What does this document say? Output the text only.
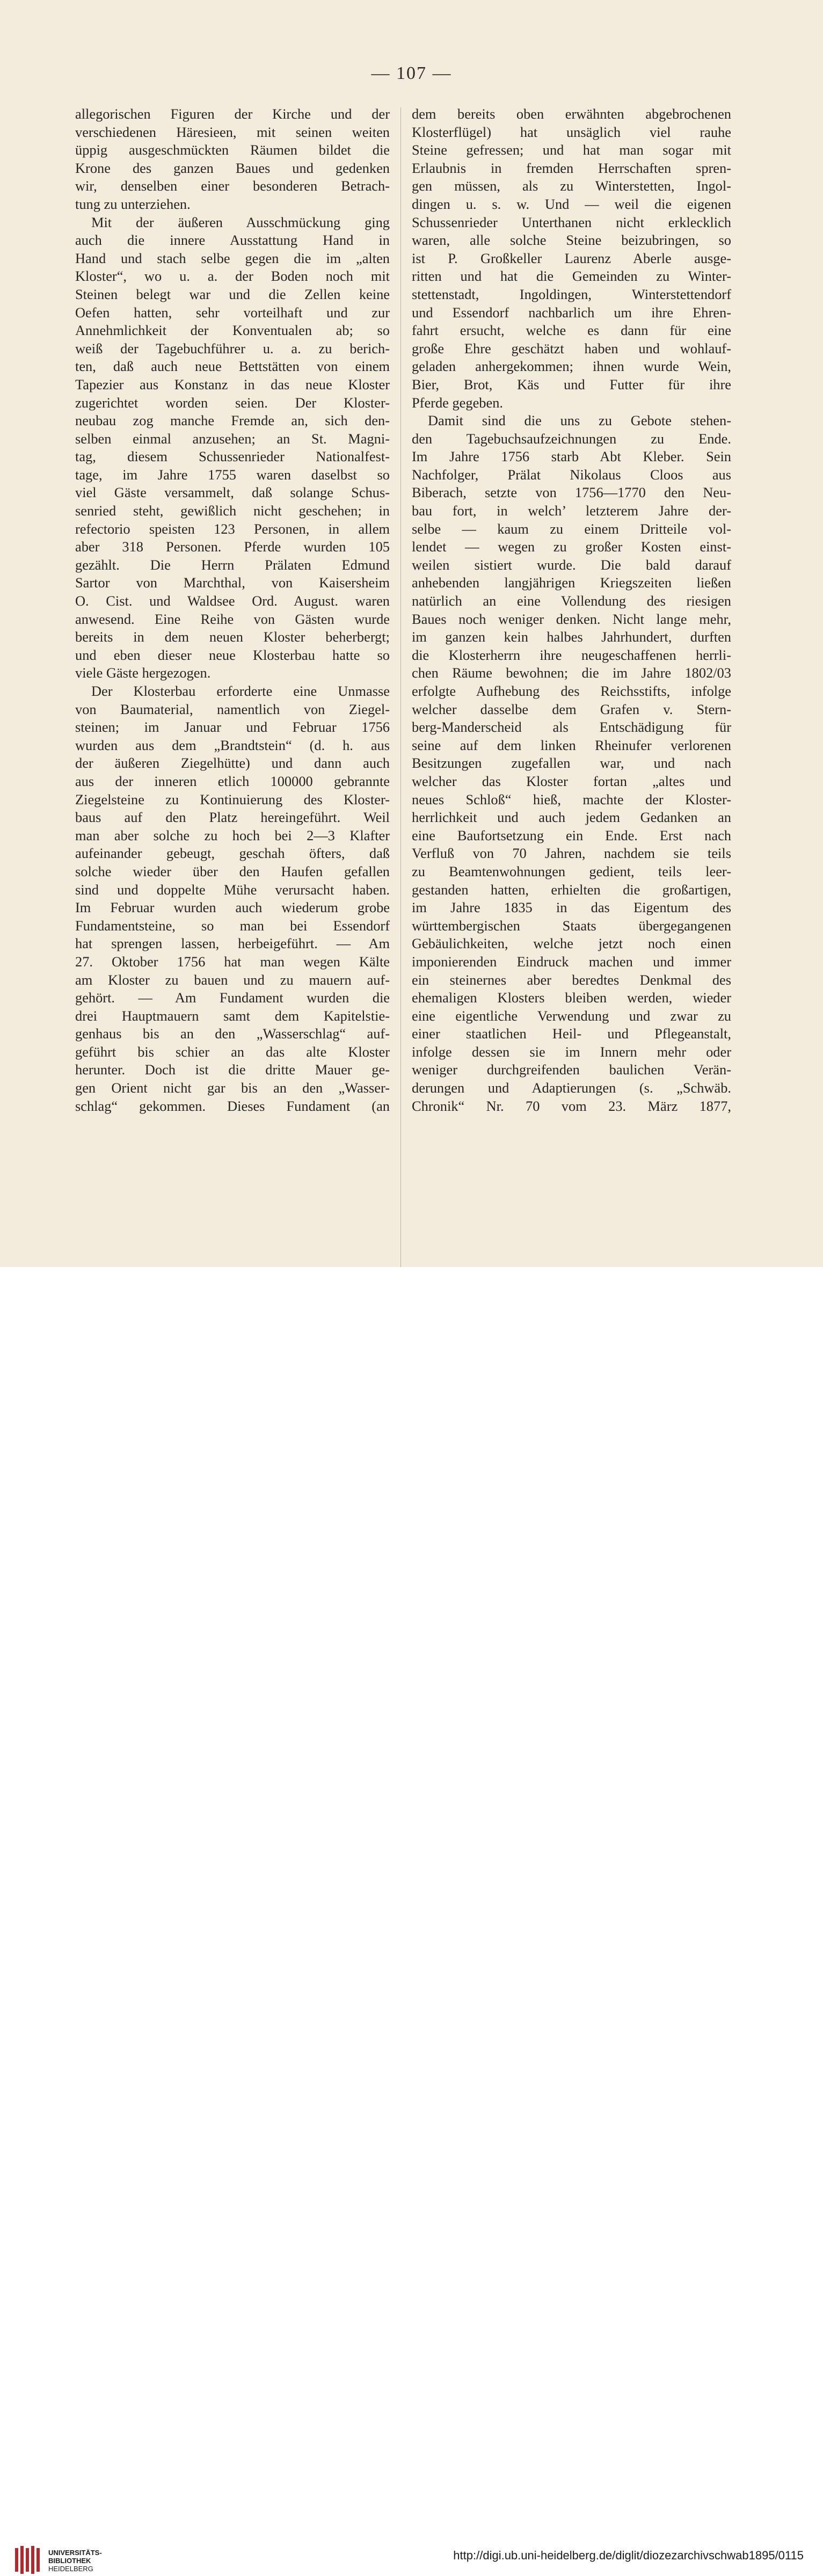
— 107 —
allegorischen Figuren der Kirche und der
verschiedenen Häresieen, mit seinen weiten
üppig ausgeschmückten Räumen bildet die
Krone des ganzen Baues und gedenken
wir, denselben einer besonderen Betrach-
tung zu unterziehen.
Mit der äußeren Ausschmückung ging
auch die innere Ausstattung Hand in
Hand und stach selbe gegen die im „alten
Kloster“, wo u. a. der Boden noch mit
Steinen belegt war und die Zellen keine
Oefen hatten, sehr vorteilhaft und zur
Annehmlichkeit der Konventualen ab; so
weiß der Tagebuchführer u. a. zu berich-
ten, daß auch neue Bettstätten von einem
Tapezier aus Konstanz in das neue Kloster
zugerichtet worden seien. Der Kloster-
neubau zog manche Fremde an, sich den-
selben einmal anzusehen; an St. Magni-
tag, diesem Schussenrieder Nationalfest-
tage, im Jahre 1755 waren daselbst so
viel Gäste versammelt, daß solange Schus-
senried steht, gewißlich nicht geschehen; in
refectorio speisten 123 Personen, in allem
aber 318 Personen. Pferde wurden 105
gezählt. Die Herrn Prälaten Edmund
Sartor von Marchthal, von Kaisersheim
O. Cist. und Waldsee Ord. August. waren
anwesend. Eine Reihe von Gästen wurde
bereits in dem neuen Kloster beherbergt;
und eben dieser neue Klosterbau hatte so
viele Gäste hergezogen.
Der Klosterbau erforderte eine Unmasse
von Baumaterial, namentlich von Ziegel-
steinen; im Januar und Februar 1756
wurden aus dem „Brandtstein“ (d. h. aus
der äußeren Ziegelhütte) und dann auch
aus der inneren etlich 100000 gebrannte
Ziegelsteine zu Kontinuierung des Kloster-
baus auf den Platz hereingeführt. Weil
man aber solche zu hoch bei 2—3 Klafter
aufeinander gebeugt, geschah öfters, daß
solche wieder über den Haufen gefallen
sind und doppelte Mühe verursacht haben.
Im Februar wurden auch wiederum grobe
Fundamentsteine, so man bei Essendorf
hat sprengen lassen, herbeigeführt. — Am
27. Oktober 1756 hat man wegen Kälte
am Kloster zu bauen und zu mauern auf-
gehört. — Am Fundament wurden die
drei Hauptmauern samt dem Kapitelstie-
genhaus bis an den „Wasserschlag“ auf-
geführt bis schier an das alte Kloster
herunter. Doch ist die dritte Mauer ge-
gen Orient nicht gar bis an den „Wasser-
schlag“ gekommen. Dieses Fundament (an
dem bereits oben erwähnten abgebrochenen
Klosterflügel) hat unsäglich viel rauhe
Steine gefressen; und hat man sogar mit
Erlaubnis in fremden Herrschaften spren-
gen müssen, als zu Winterstetten, Ingol-
dingen u. s. w. Und — weil die eigenen
Schussenrieder Unterthanen nicht erklecklich
waren, alle solche Steine beizubringen, so
ist P. Großkeller Laurenz Aberle ausge-
ritten und hat die Gemeinden zu Winter-
stettenstadt, Ingoldingen, Winterstettendorf
und Essendorf nachbarlich um ihre Ehren-
fahrt ersucht, welche es dann für eine
große Ehre geschätzt haben und wohlauf-
geladen anhergekommen; ihnen wurde Wein,
Bier, Brot, Käs und Futter für ihre
Pferde gegeben.
Damit sind die uns zu Gebote stehen-
den Tagebuchsaufzeichnungen zu Ende.
Im Jahre 1756 starb Abt Kleber. Sein
Nachfolger, Prälat Nikolaus Cloos aus
Biberach, setzte von 1756—1770 den Neu-
bau fort, in welch’ letzterem Jahre der-
selbe — kaum zu einem Dritteile vol-
lendet — wegen zu großer Kosten einst-
weilen sistiert wurde. Die bald darauf
anhebenden langjährigen Kriegszeiten ließen
natürlich an eine Vollendung des riesigen
Baues noch weniger denken. Nicht lange mehr,
im ganzen kein halbes Jahrhundert, durften
die Klosterherrn ihre neugeschaffenen herrli-
chen Räume bewohnen; die im Jahre 1802/03
erfolgte Aufhebung des Reichsstifts, infolge
welcher dasselbe dem Grafen v. Stern-
berg-Manderscheid als Entschädigung für
seine auf dem linken Rheinufer verlorenen
Besitzungen zugefallen war, und nach
welcher das Kloster fortan „altes und
neues Schloß“ hieß, machte der Kloster-
herrlichkeit und auch jedem Gedanken an
eine Baufortsetzung ein Ende. Erst nach
Verfluß von 70 Jahren, nachdem sie teils
zu Beamtenwohnungen gedient, teils leer-
gestanden hatten, erhielten die großartigen,
im Jahre 1835 in das Eigentum des
württembergischen Staats übergegangenen
Gebäulichkeiten, welche jetzt noch einen
imponierenden Eindruck machen und immer
ein steinernes aber beredtes Denkmal des
ehemaligen Klosters bleiben werden, wieder
eine eigentliche Verwendung und zwar zu
einer staatlichen Heil- und Pflegeanstalt,
infolge dessen sie im Innern mehr oder
weniger durchgreifenden baulichen Verän-
derungen und Adaptierungen (s. „Schwäb.
Chronik“ Nr. 70 vom 23. März 1877,
UNIVERSITÄTS-
BIBLIOTHEK
HEIDELBERG
http://digi.ub.uni-heidelberg.de/diglit/diozezarchivschwab1895/0115
